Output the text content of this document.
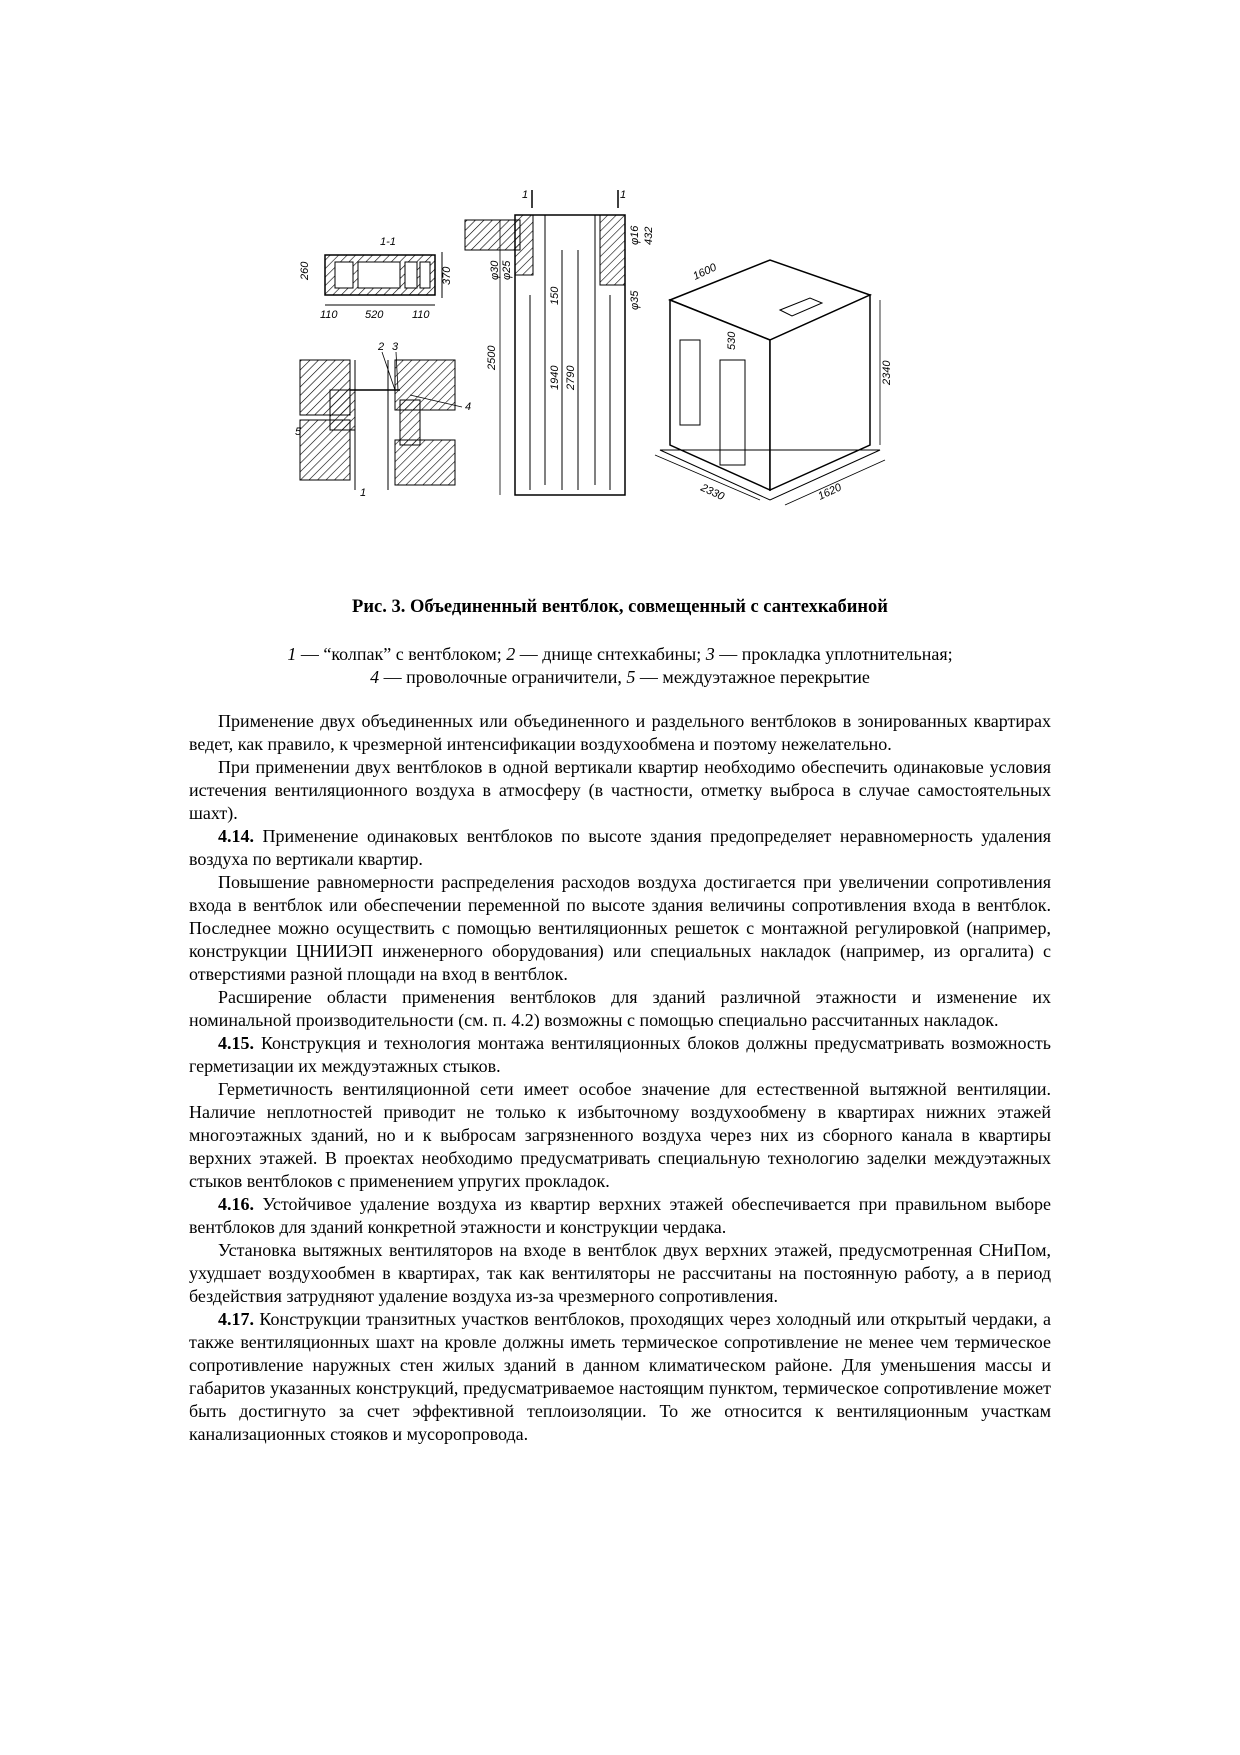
1-1
110 520	110
260	370
2 3
4
5
1
1	1
2500
1940 2790
150
φ30
φ16 432
φ35
φ25	1600
2340
2330	1620
530
Рис. 3. Объединенный вентблок, совмещенный с сантехкабиной
1 — “колпак” с вентблоком; 2 — днище снтехкабины; 3 — прокладка уплотнительная;
4 — проволочные ограничители, 5 — междуэтажное перекрытие

Применение двух объединенных или объединенного и раздельного вентблоков в зонированных квартирах ведет, как правило, к чрезмерной интенсификации воздухообмена и поэтому нежелательно.

При применении двух вентблоков в одной вертикали квартир необходимо обеспечить одинаковые условия истечения вентиляционного воздуха в атмосферу (в частности, отметку выброса в случае самостоятельных шахт).

4.14. Применение одинаковых вентблоков по высоте здания предопределяет неравномерность удаления воздуха по вертикали квартир.

Повышение равномерности распределения расходов воздуха достигается при увеличении сопротивления входа в вентблок или обеспечении переменной по высоте здания величины сопротивления входа в вентблок. Последнее можно осуществить с помощью вентиляционных решеток с монтажной регулировкой (например, конструкции ЦНИИЭП инженерного оборудования) или специальных накладок (например, из оргалита) с отверстиями разной площади на вход в вентблок.

Расширение области применения вентблоков для зданий различной этажности и изменение их номинальной производительности (см. п. 4.2) возможны с помощью специально рассчитанных накладок.

4.15. Конструкция и технология монтажа вентиляционных блоков должны предусматривать возможность герметизации их междуэтажных стыков.

Герметичность вентиляционной сети имеет особое значение для естественной вытяжной вентиляции. Наличие неплотностей приводит не только к избыточному воздухообмену в квартирах нижних этажей многоэтажных зданий, но и к выбросам загрязненного воздуха через них из сборного канала в квартиры верхних этажей. В проектах необходимо предусматривать специальную технологию заделки междуэтажных стыков вентблоков с применением упругих прокладок.

4.16. Устойчивое удаление воздуха из квартир верхних этажей обеспечивается при правильном выборе вентблоков для зданий конкретной этажности и конструкции чердака.

Установка вытяжных вентиляторов на входе в вентблок двух верхних этажей, предусмотренная СНиПом, ухудшает воздухообмен в квартирах, так как вентиляторы не рассчитаны на постоянную работу, а в период бездействия затрудняют удаление воздуха из-за чрезмерного сопротивления.

4.17. Конструкции транзитных участков вентблоков, проходящих через холодный или открытый чердаки, а также вентиляционных шахт на кровле должны иметь термическое сопротивление не менее чем термическое сопротивление наружных стен жилых зданий в данном климатическом районе. Для уменьшения массы и габаритов указанных конструкций, предусматриваемое настоящим пунктом, термическое сопротивление может быть достигнуто за счет эффективной теплоизоляции. То же относится к вентиляционным участкам канализационных стояков и мусоропровода.
